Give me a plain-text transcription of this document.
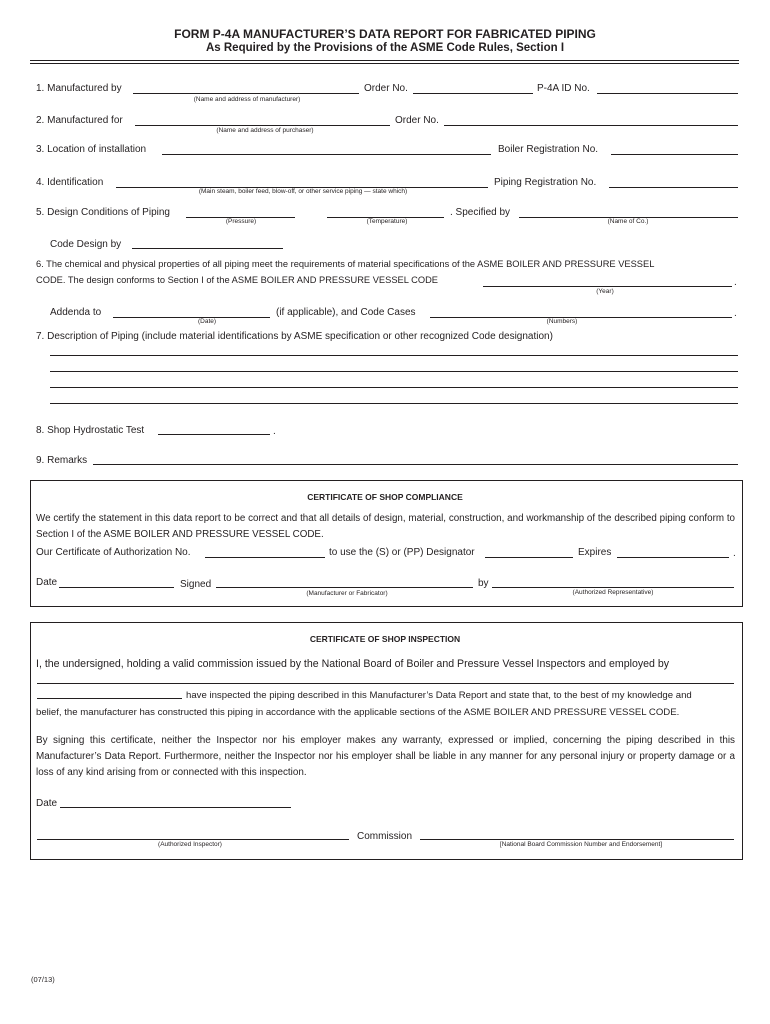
FORM P-4A MANUFACTURER’S DATA REPORT FOR FABRICATED PIPING
As Required by the Provisions of the ASME Code Rules, Section I
1. Manufactured by
(Name and address of manufacturer)
Order No.	P-4A ID No.
2. Manufactured for
(Name and address of purchaser)
Order No.
3. Location of installation	Boiler Registration No.
4. Identification
(Main steam, boiler feed, blow-off, or other service piping — state which)
Piping Registration No.
5. Design Conditions of Piping
(Pressure)	(Temperature)
. Specified by
(Name of Co.)
Code Design by
6. The chemical and physical properties of all piping meet the requirements of material specifications of the ASME BOILER AND PRESSURE VESSEL
CODE. The design conforms to Section I of the ASME BOILER AND PRESSURE VESSEL CODE	.
(Year)
Addenda to
(Date)
(if applicable), and Code Cases	.
(Numbers)
7. Description of Piping (include material identifications by ASME specification or other recognized Code designation)
8. Shop Hydrostatic Test	.
9. Remarks
CERTIFICATE OF SHOP COMPLIANCE
We certify the statement in this data report to be correct and that all details of design, material, construction, and workmanship of the described piping conform to Section I of the ASME BOILER AND PRESSURE VESSEL CODE.
Our Certificate of Authorization No.	to use the (S) or (PP) Designator	Expires	.
Date	Signed
(Manufacturer or Fabricator)
by
(Authorized Representative)
CERTIFICATE OF SHOP INSPECTION
I, the undersigned, holding a valid commission issued by the National Board of Boiler and Pressure Vessel Inspectors and employed by
have inspected the piping described in this Manufacturer’s Data Report and state that, to the best of my knowledge and
belief, the manufacturer has constructed this piping in accordance with the applicable sections of the ASME BOILER AND PRESSURE VESSEL CODE.
By signing this certificate, neither the Inspector nor his employer makes any warranty, expressed or implied, concerning the piping described in this Manufacturer’s Data Report. Furthermore, neither the Inspector nor his employer shall be liable in any manner for any personal injury or property damage or a loss of any kind arising from or connected with this inspection.
Date
(Authorized Inspector)
Commission
[National Board Commission Number and Endorsement]
(07/13)
